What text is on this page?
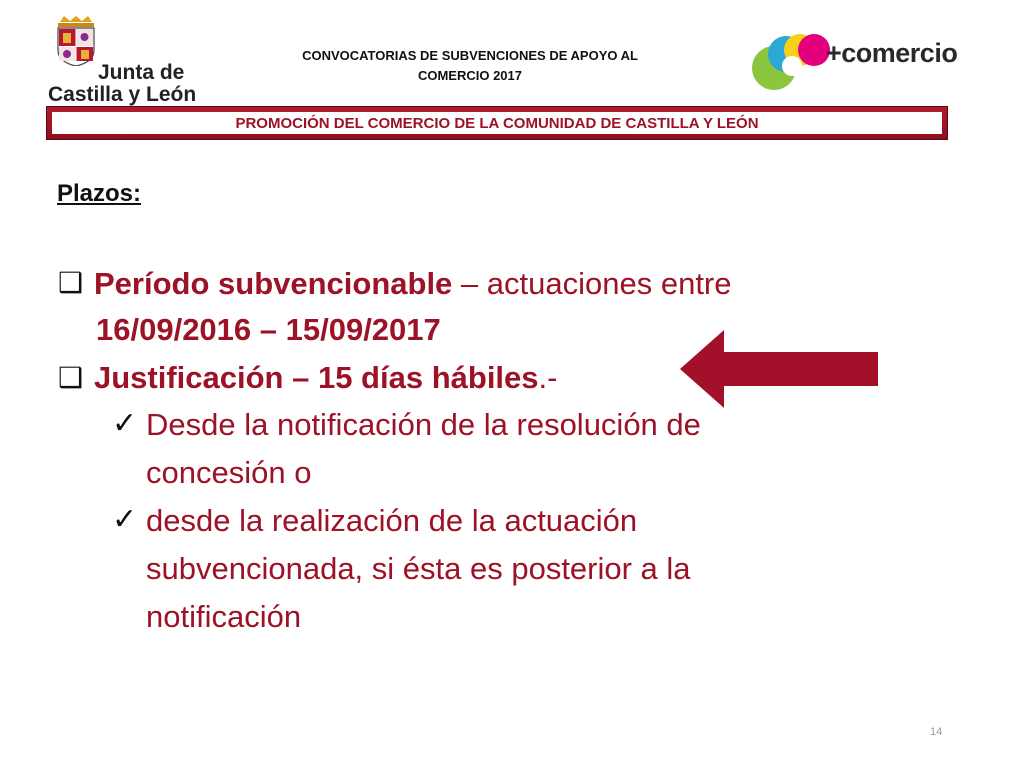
Junta de
Castilla y León
CONVOCATORIAS DE SUBVENCIONES DE APOYO AL
COMERCIO 2017
+comercio
PROMOCIÓN DEL COMERCIO DE LA COMUNIDAD DE CASTILLA Y LEÓN
Plazos:
❑ Período subvencionable – actuaciones entre
16/09/2016 – 15/09/2017
❑ Justificación – 15 días hábiles.-
✓ Desde la notificación de la resolución de
concesión o
✓ desde la realización de la actuación
subvencionada, si ésta es posterior a la
notificación
14
